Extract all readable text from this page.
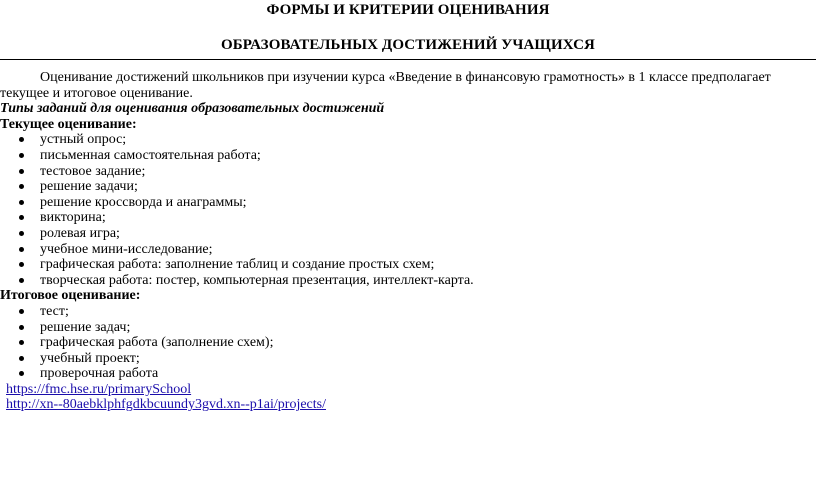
ФОРМЫ И КРИТЕРИИ ОЦЕНИВАНИЯ
ОБРАЗОВАТЕЛЬНЫХ ДОСТИЖЕНИЙ УЧАЩИХСЯ

Оценивание достижений школьников при изучении курса «Введение в финансовую грамотность» в 1 классе предполагает текущее и итоговое оценивание.

Типы заданий для оценивания образовательных достижений

Текущее оценивание:

устный опрос;
письменная самостоятельная работа;
тестовое задание;
решение задачи;
решение кроссворда и анаграммы;
викторина;
ролевая игра;
учебное мини-исследование;
графическая работа: заполнение таблиц и создание простых схем;
творческая работа: постер, компьютерная презентация, интеллект-карта.

Итоговое оценивание:

тест;
решение задач;
графическая работа (заполнение схем);
учебный проект;
проверочная работа
https://fmc.hse.ru/primarySchool
http://xn--80aebklphfgdkbcuundy3gvd.xn--p1ai/projects/
